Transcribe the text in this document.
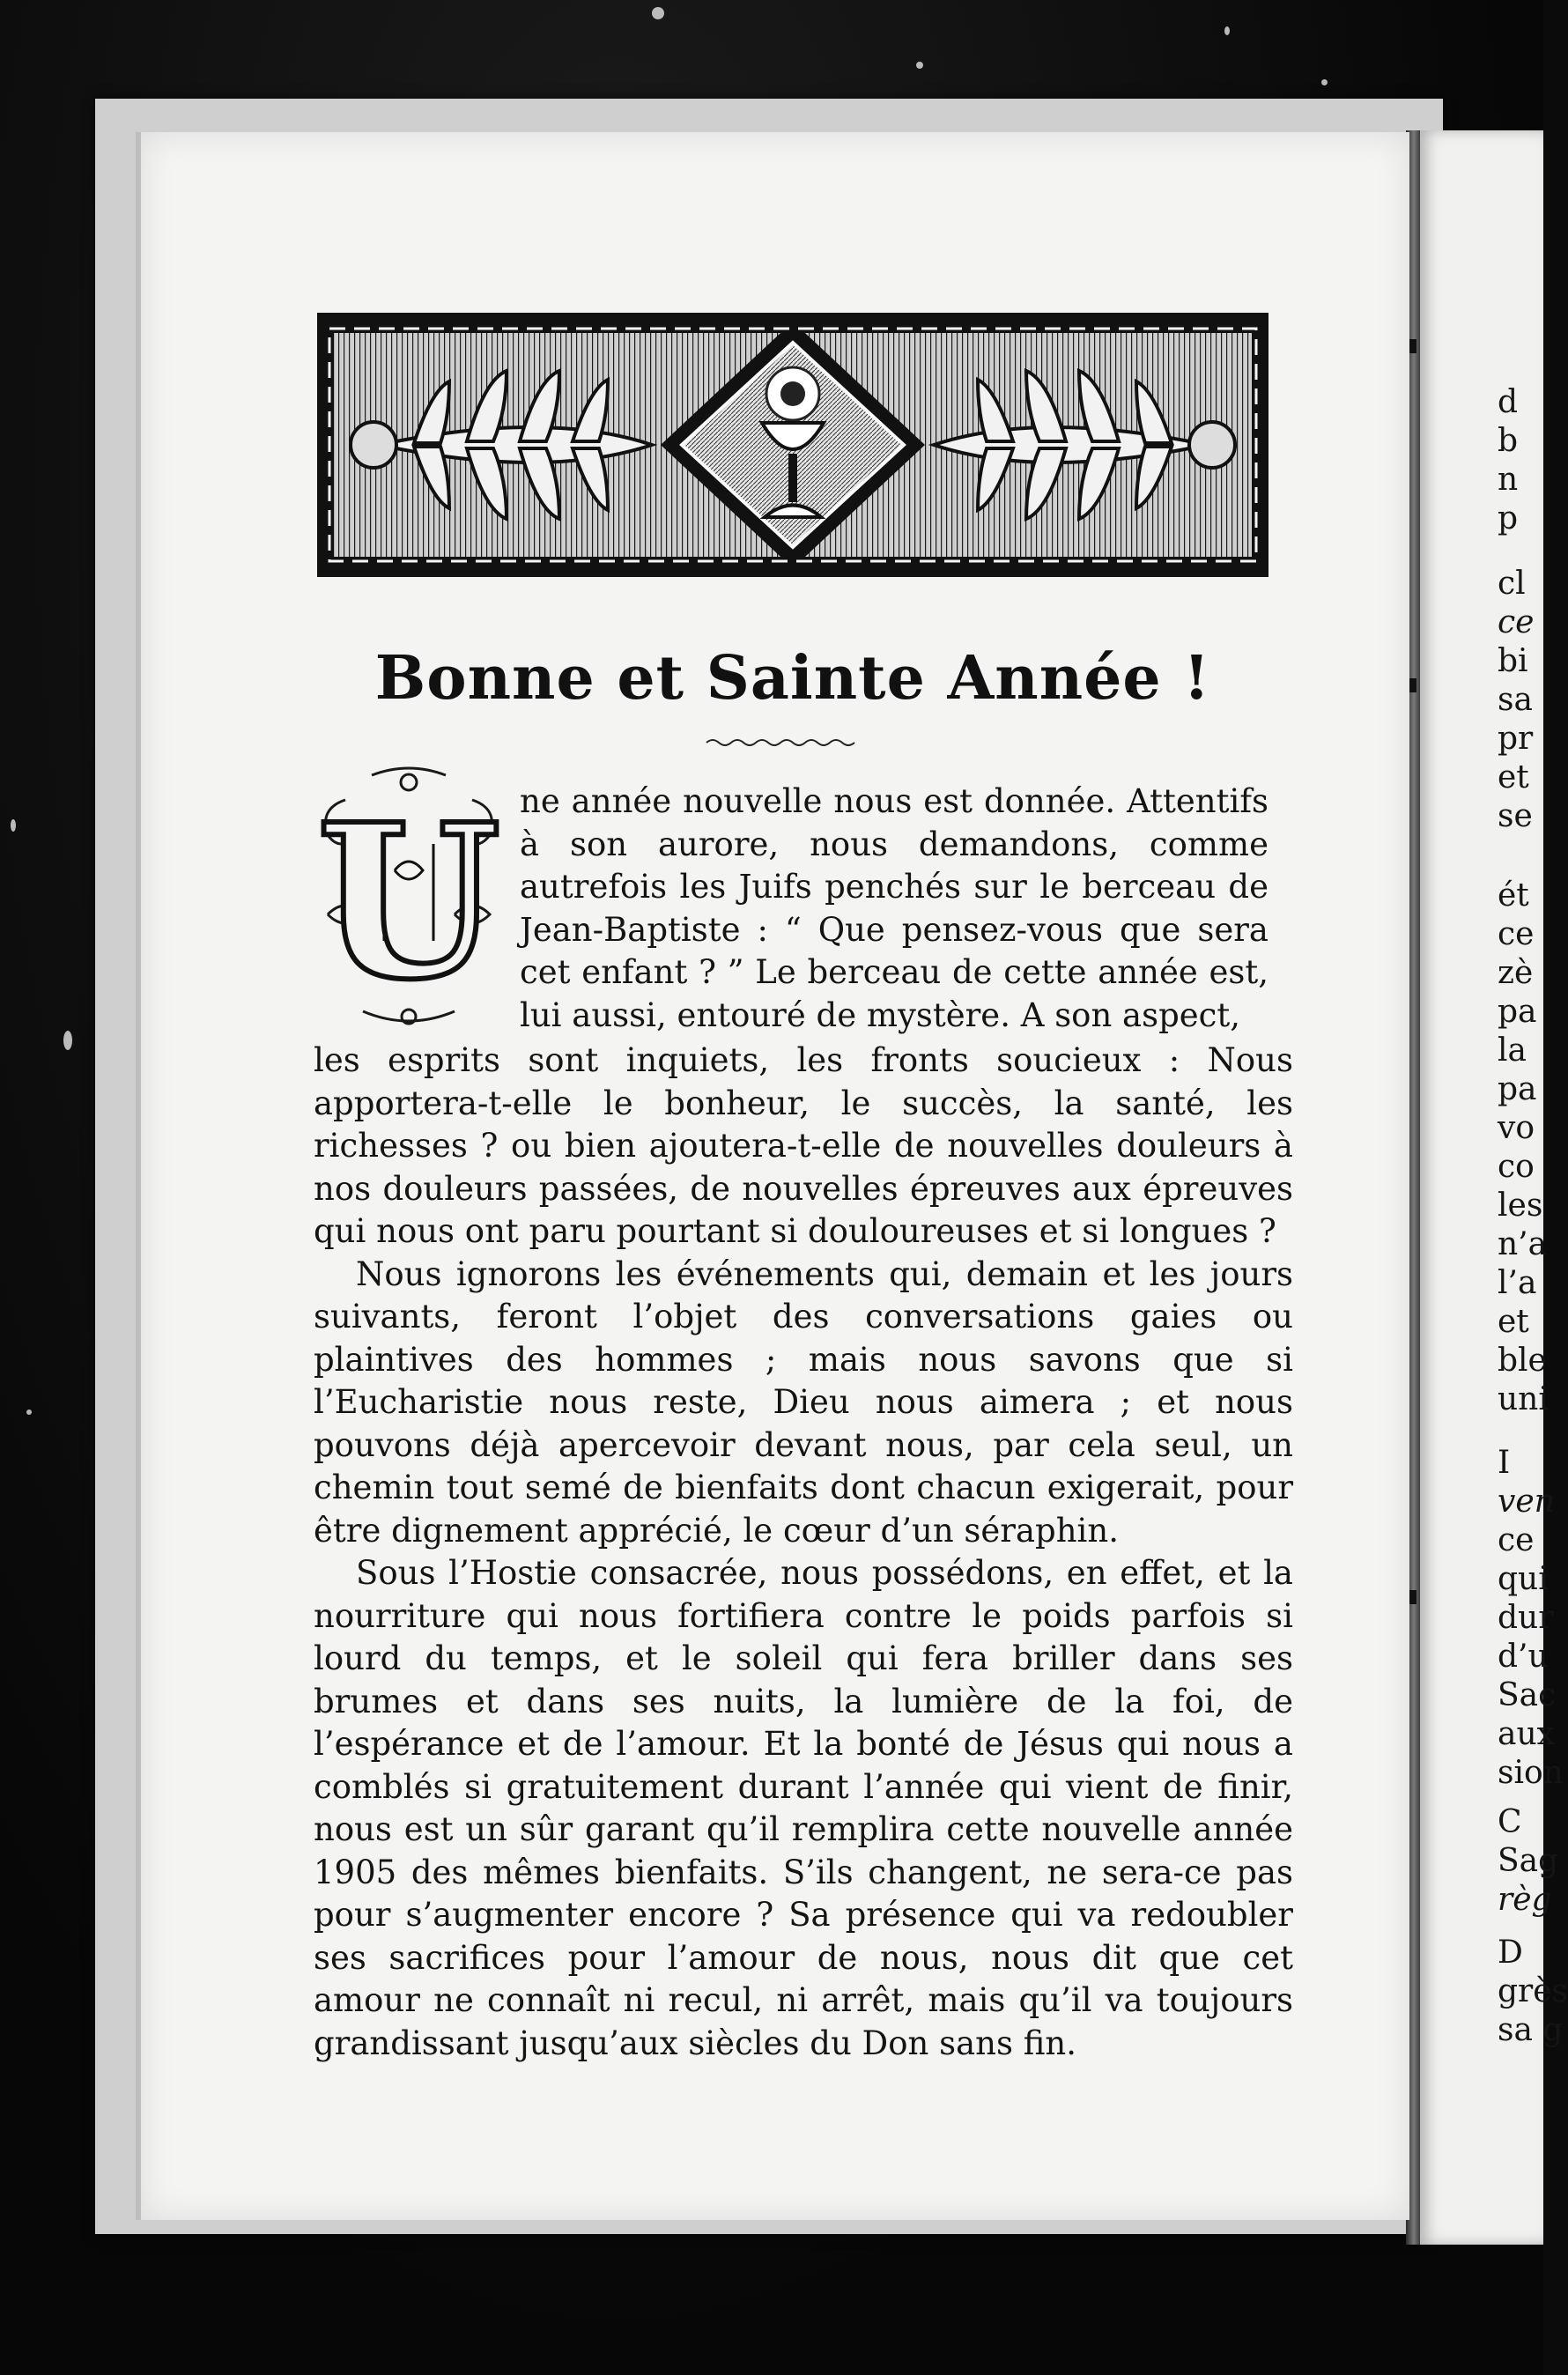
d
b
n
p
cl
ce
bi
sa
pr
et
se
ét
ce
zè
pa
la
pa
vo
co
les
n’a
l’a
et
ble
uni
I
ven
ce
qui
dur
d’u
Sac
aux
sion
C
Sag
règ
D
grès
sa g
Bonne et Sainte Année !
U ne année nouvelle nous est donnée. Attentifs à son aurore, nous demandons, comme autrefois les Juifs penchés sur le berceau de Jean-Baptiste : “ Que pensez-vous que sera cet enfant ? ” Le berceau de cette année est, lui aussi, entouré de mystère. A son aspect,

les esprits sont inquiets, les fronts soucieux : Nous apportera-t-elle le bonheur, le succès, la santé, les richesses ? ou bien ajoutera-t-elle de nouvelles douleurs à nos douleurs passées, de nouvelles épreuves aux épreuves qui nous ont paru pourtant si douloureuses et si longues ?

Nous ignorons les événements qui, demain et les jours suivants, feront l’objet des conversations gaies ou plaintives des hommes ; mais nous savons que si l’Eucharistie nous reste, Dieu nous aimera ; et nous pouvons déjà apercevoir devant nous, par cela seul, un chemin tout semé de bienfaits dont chacun exigerait, pour être dignement apprécié, le cœur d’un séraphin.

Sous l’Hostie consacrée, nous possédons, en effet, et la nourriture qui nous fortifiera contre le poids parfois si lourd du temps, et le soleil qui fera briller dans ses brumes et dans ses nuits, la lumière de la foi, de l’espérance et de l’amour. Et la bonté de Jésus qui nous a comblés si gratuitement durant l’année qui vient de finir, nous est un sûr garant qu’il remplira cette nouvelle année 1905 des mêmes bienfaits. S’ils changent, ne sera-ce pas pour s’augmenter encore ? Sa présence qui va redoubler ses sacrifices pour l’amour de nous, nous dit que cet amour ne connaît ni recul, ni arrêt, mais qu’il va toujours grandissant jusqu’aux siècles du Don sans fin.
